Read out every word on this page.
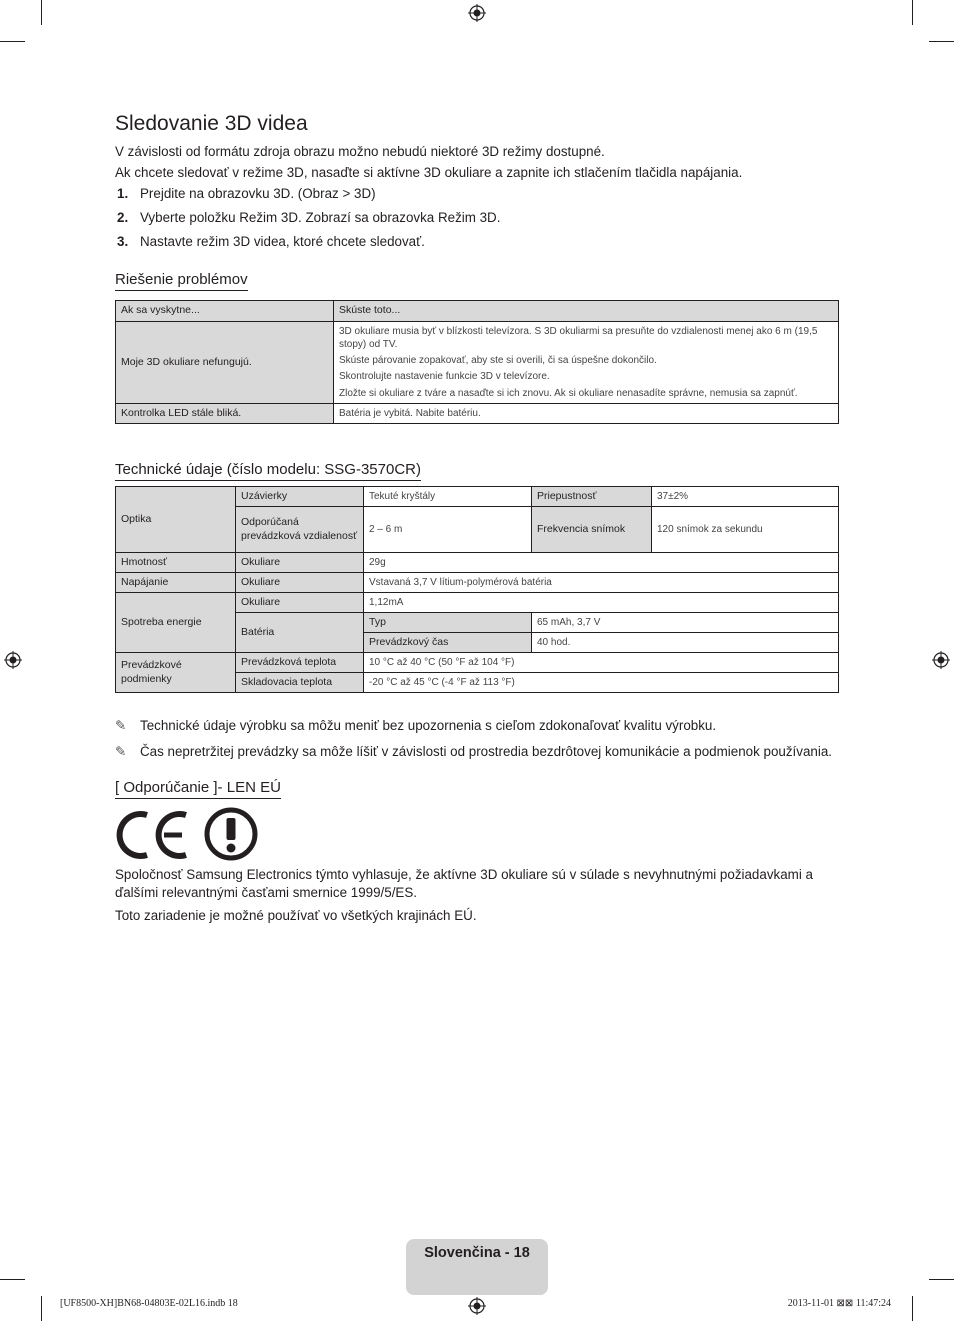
Sledovanie 3D videa

V závislosti od formátu zdroja obrazu možno nebudú niektoré 3D režimy dostupné.

Ak chcete sledovať v režime 3D, nasaďte si aktívne 3D okuliare a zapnite ich stlačením tlačidla napájania.

1. Prejdite na obrazovku 3D. (Obraz > 3D)
2. Vyberte položku Režim 3D. Zobrazí sa obrazovka Režim 3D.
3. Nastavte režim 3D videa, ktoré chcete sledovať.
Riešenie problémov
Ak sa vyskytne...	Skúste toto...
Moje 3D okuliare nefungujú.	3D okuliare musia byť v blízkosti televízora. S 3D okuliarmi sa presuňte do vzdialenosti menej ako 6 m (19,5 stopy) od TV.
Skúste párovanie zopakovať, aby ste si overili, či sa úspešne dokončilo.
Skontrolujte nastavenie funkcie 3D v televízore.
Zložte si okuliare z tváre a nasaďte si ich znovu. Ak si okuliare nenasadíte správne, nemusia sa zapnúť.

Kontrolka LED stále bliká.	Batéria je vybitá. Nabite batériu.
Technické údaje (číslo modelu: SSG-3570CR)
Optika	Uzávierky	Tekuté kryštály	Priepustnosť	37±2%
	Odporúčaná prevádzková vzdialenosť	2 – 6 m	Frekvencia snímok	120 snímok za sekundu
Hmotnosť	Okuliare	29g		
Napájanie	Okuliare	Vstavaná 3,7 V lítium-polymérová batéria		
Spotreba energie	Okuliare	1,12mA		
	Batéria	Typ	65 mAh, 3,7 V	
		Prevádzkový čas	40 hod.	
Prevádzkové podmienky	Prevádzková teplota	10 °C až 40 °C (50 °F až 104 °F)		
	Skladovacia teplota	-20 °C až 45 °C (-4 °F až 113 °F)		
✎ Technické údaje výrobku sa môžu meniť bez upozornenia s cieľom zdokonaľovať kvalitu výrobku.
✎ Čas nepretržitej prevádzky sa môže líšiť v závislosti od prostredia bezdrôtovej komunikácie a podmienok používania.
[ Odporúčanie ]- LEN EÚ

Spoločnosť Samsung Electronics týmto vyhlasuje, že aktívne 3D okuliare sú v súlade s nevyhnutnými požiadavkami a ďalšími relevantnými časťami smernice 1999/5/ES.

Toto zariadenie je možné používať vo všetkých krajinách EÚ.

Slovenčina - 18
[UF8500-XH]BN68-04803E-02L16.indb 18	2013-11-01 ⊠⊠ 11:47:24
